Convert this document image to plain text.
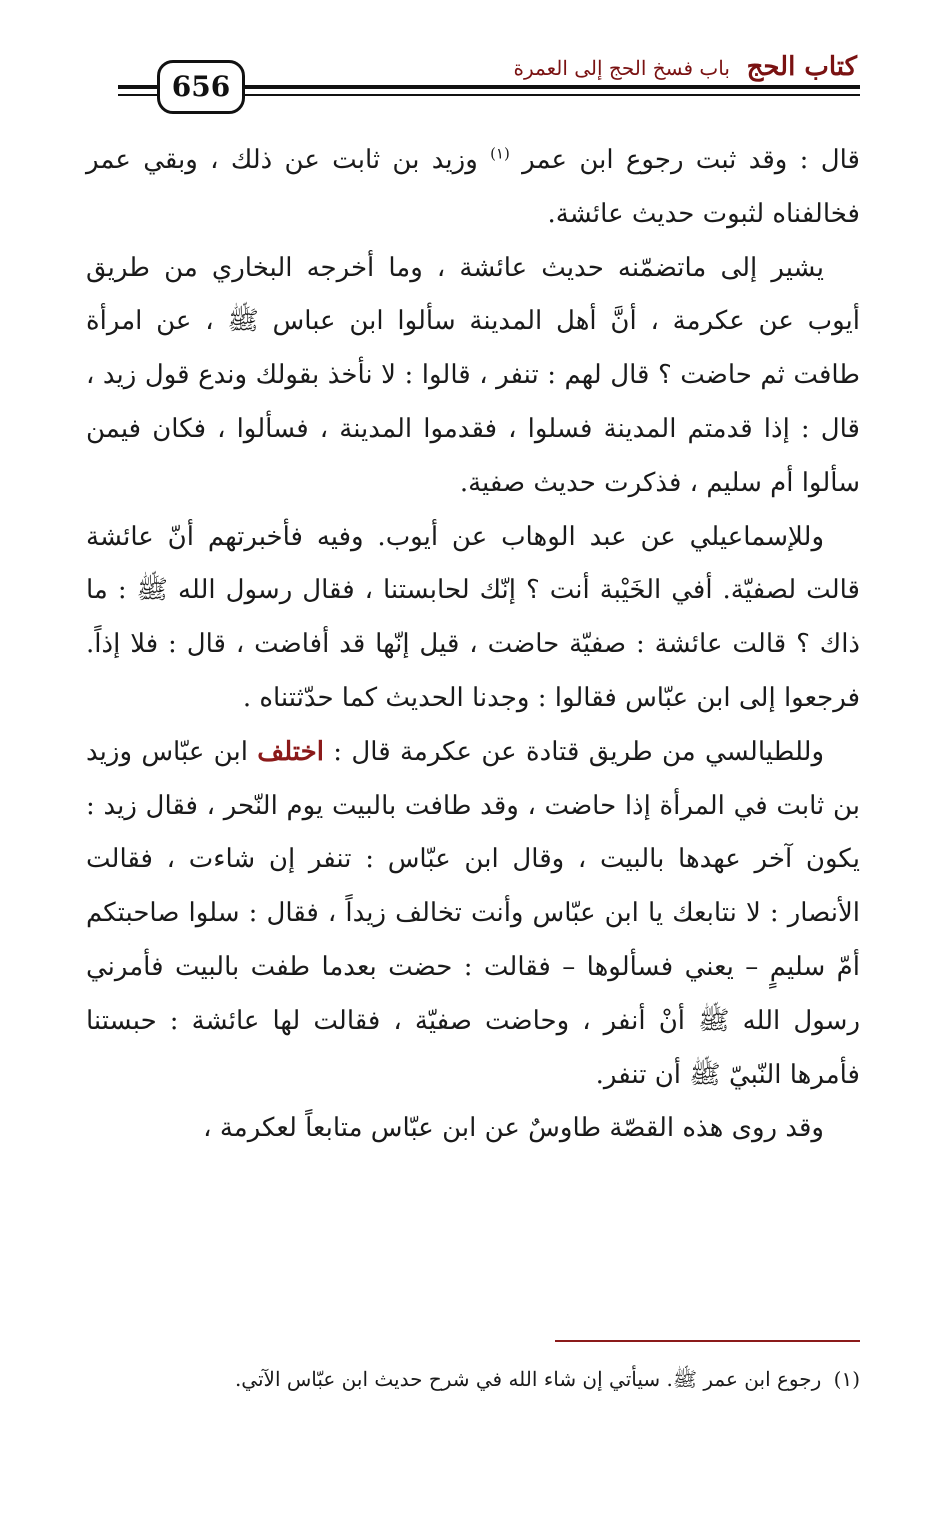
كتاب الحج باب فسخ الحج إلى العمرة
656

قال : وقد ثبت رجوع ابن عمر $^{(١)}$ وزيد بن ثابت عن ذلك ، وبقي عمر فخالفناه لثبوت حديث عائشة.

يشير إلى ماتضمّنه حديث عائشة ، وما أخرجه البخاري من طريق أيوب عن عكرمة ، أنَّ أهل المدينة سألوا ابن عباس ﷺ ، عن امرأة طافت ثم حاضت ؟ قال لهم : تنفر ، قالوا : لا نأخذ بقولك وندع قول زيد ، قال : إذا قدمتم المدينة فسلوا ، فقدموا المدينة ، فسألوا ، فكان فيمن سألوا أم سليم ، فذكرت حديث صفية.

وللإسماعيلي عن عبد الوهاب عن أيوب. وفيه فأخبرتهم أنّ عائشة قالت لصفيّة. أفي الخَيْبة أنت ؟ إنّك لحابستنا ، فقال رسول الله ﷺ : ما ذاك ؟ قالت عائشة : صفيّة حاضت ، قيل إنّها قد أفاضت ، قال : فلا إذاً. فرجعوا إلى ابن عبّاس فقالوا : وجدنا الحديث كما حدّثتناه .

وللطيالسي من طريق قتادة عن عكرمة قال : اختلف ابن عبّاس وزيد بن ثابت في المرأة إذا حاضت ، وقد طافت بالبيت يوم النّحر ، فقال زيد : يكون آخر عهدها بالبيت ، وقال ابن عبّاس : تنفر إن شاءت ، فقالت الأنصار : لا نتابعك يا ابن عبّاس وأنت تخالف زيداً ، فقال : سلوا صاحبتكم أمّ سليمٍ – يعني فسألوها – فقالت : حضت بعدما طفت بالبيت فأمرني رسول الله ﷺ أنْ أنفر ، وحاضت صفيّة ، فقالت لها عائشة : حبستنا فأمرها النّبيّ ﷺ أن تنفر.

وقد روى هذه القصّة طاوسٌ عن ابن عبّاس متابعاً لعكرمة ،

(١) رجوع ابن عمر ﷺ. سيأتي إن شاء الله في شرح حديث ابن عبّاس الآتي.
